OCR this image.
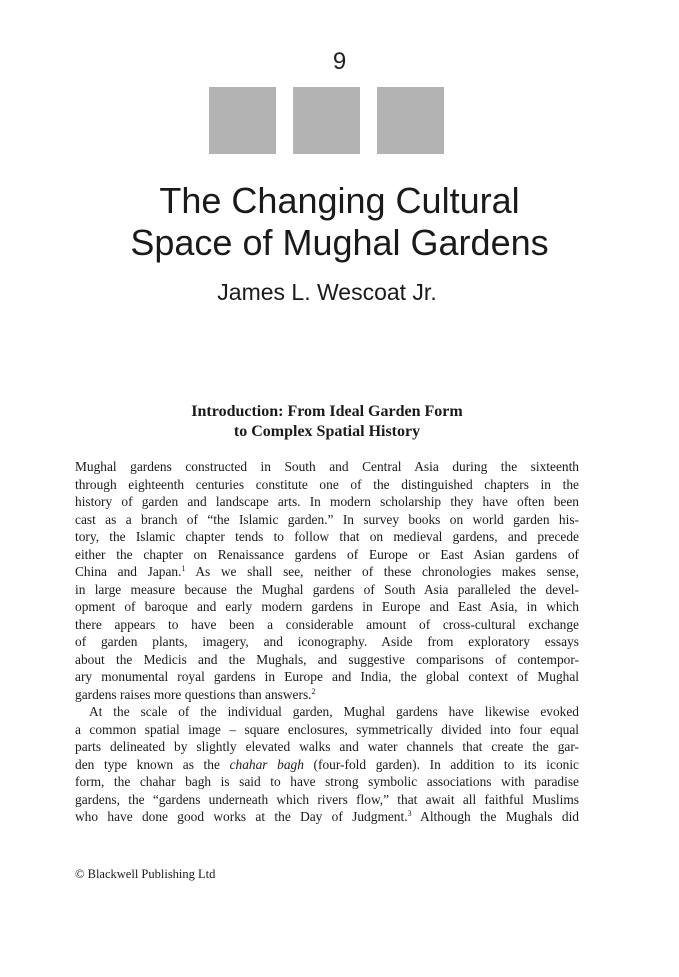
9
The Changing Cultural
Space of Mughal Gardens
James L. Wescoat Jr.
Introduction: From Ideal Garden Form
to Complex Spatial History
Mughal gardens constructed in South and Central Asia during the sixteenth
through eighteenth centuries constitute one of the distinguished chapters in the
history of garden and landscape arts. In modern scholarship they have often been
cast as a branch of “the Islamic garden.” In survey books on world garden his-
tory, the Islamic chapter tends to follow that on medieval gardens, and precede
either the chapter on Renaissance gardens of Europe or East Asian gardens of
China and Japan.$^1$ As we shall see, neither of these chronologies makes sense,
in large measure because the Mughal gardens of South Asia paralleled the devel-
opment of baroque and early modern gardens in Europe and East Asia, in which
there appears to have been a considerable amount of cross-cultural exchange
of garden plants, imagery, and iconography. Aside from exploratory essays
about the Medicis and the Mughals, and suggestive comparisons of contempor-
ary monumental royal gardens in Europe and India, the global context of Mughal
gardens raises more questions than answers.$^2$
At the scale of the individual garden, Mughal gardens have likewise evoked
a common spatial image – square enclosures, symmetrically divided into four equal
parts delineated by slightly elevated walks and water channels that create the gar-
den type known as the chahar bagh (four-fold garden). In addition to its iconic
form, the chahar bagh is said to have strong symbolic associations with paradise
gardens, the “gardens underneath which rivers flow,” that await all faithful Muslims
who have done good works at the Day of Judgment.$^3$ Although the Mughals did
© Blackwell Publishing Ltd
